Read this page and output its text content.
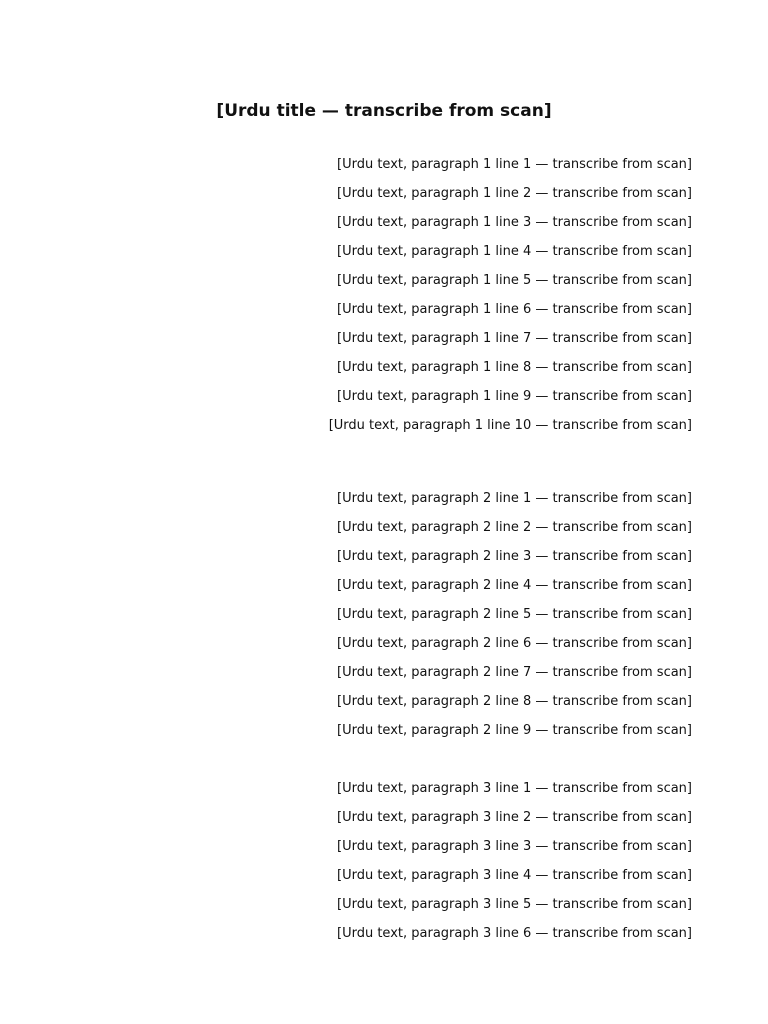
[Urdu title — transcribe from scan]
[Urdu text, paragraph 1 line 1 — transcribe from scan]
[Urdu text, paragraph 1 line 2 — transcribe from scan]
[Urdu text, paragraph 1 line 3 — transcribe from scan]
[Urdu text, paragraph 1 line 4 — transcribe from scan]
[Urdu text, paragraph 1 line 5 — transcribe from scan]
[Urdu text, paragraph 1 line 6 — transcribe from scan]
[Urdu text, paragraph 1 line 7 — transcribe from scan]
[Urdu text, paragraph 1 line 8 — transcribe from scan]
[Urdu text, paragraph 1 line 9 — transcribe from scan]
[Urdu text, paragraph 1 line 10 — transcribe from scan]
[Urdu text, paragraph 2 line 1 — transcribe from scan]
[Urdu text, paragraph 2 line 2 — transcribe from scan]
[Urdu text, paragraph 2 line 3 — transcribe from scan]
[Urdu text, paragraph 2 line 4 — transcribe from scan]
[Urdu text, paragraph 2 line 5 — transcribe from scan]
[Urdu text, paragraph 2 line 6 — transcribe from scan]
[Urdu text, paragraph 2 line 7 — transcribe from scan]
[Urdu text, paragraph 2 line 8 — transcribe from scan]
[Urdu text, paragraph 2 line 9 — transcribe from scan]
[Urdu text, paragraph 3 line 1 — transcribe from scan]
[Urdu text, paragraph 3 line 2 — transcribe from scan]
[Urdu text, paragraph 3 line 3 — transcribe from scan]
[Urdu text, paragraph 3 line 4 — transcribe from scan]
[Urdu text, paragraph 3 line 5 — transcribe from scan]
[Urdu text, paragraph 3 line 6 — transcribe from scan]
